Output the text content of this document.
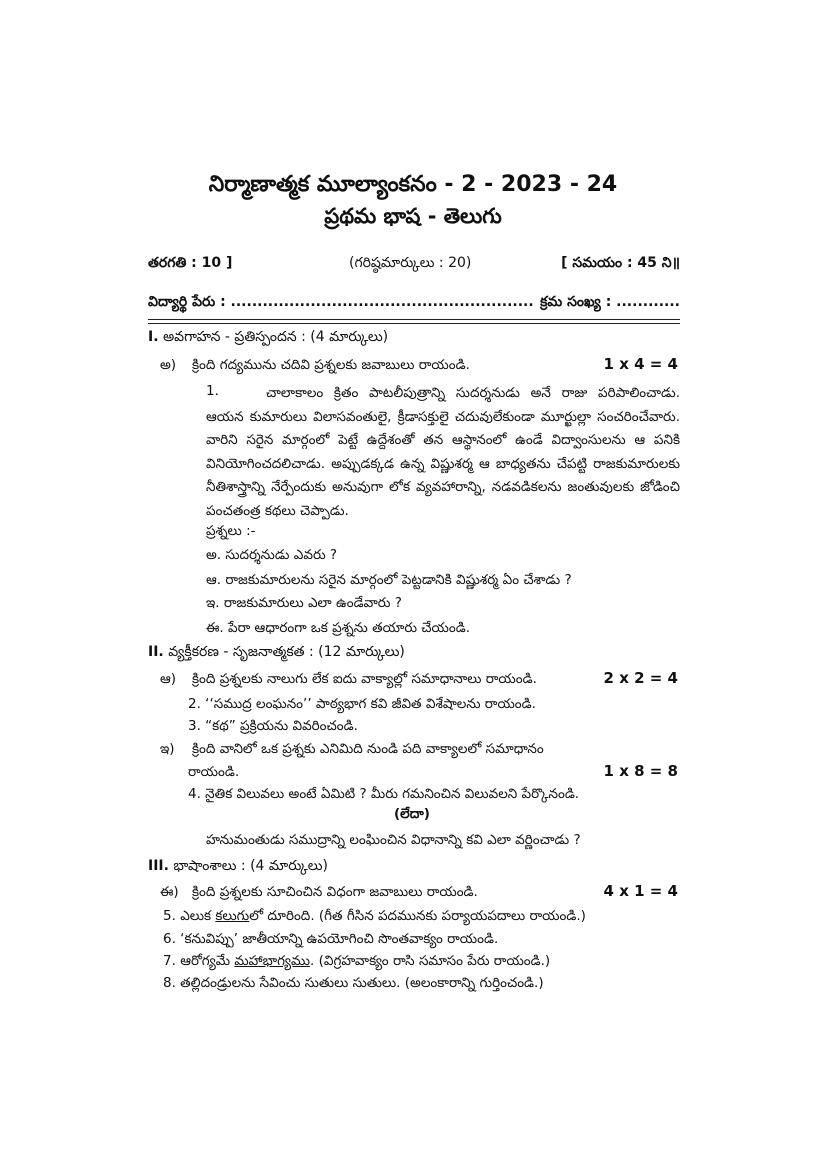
నిర్మాణాత్మక మూల్యాంకనం - 2 - 2023 - 24
ప్రథమ భాష - తెలుగు
తరగతి : 10 ]	(గరిష్ఠమార్కులు : 20)	[ సమయం : 45 ని॥
విద్యార్థి పేరు : ......................................................... క్రమ సంఖ్య : ............
I. అవగాహన - ప్రతిస్పందన : (4 మార్కులు)
అ) క్రింది గద్యమును చదివి ప్రశ్నలకు జవాబులు రాయండి.	1 x 4 = 4
1.	చాలాకాలం క్రితం పాటలీపుత్రాన్ని సుదర్శనుడు అనే రాజు పరిపాలించాడు. ఆయన కుమారులు విలాసవంతులై, క్రీడాసక్తులై చదువులేకుండా మూర్ఖుల్లా సంచరించేవారు. వారిని సరైన మార్గంలో పెట్టే ఉద్దేశంతో తన ఆస్థానంలో ఉండే విద్వాంసులను ఆ పనికి వినియోగించదలిచాడు. అప్పుడక్కడ ఉన్న విష్ణుశర్మ ఆ బాధ్యతను చేపట్టి రాజకుమారులకు నీతిశాస్త్రాన్ని నేర్పేందుకు అనువుగా లోక వ్యవహారాన్ని, నడవడికలను జంతువులకు జోడించి పంచతంత్ర కథలు చెప్పాడు.
ప్రశ్నలు :-
అ. సుదర్శనుడు ఎవరు ?
ఆ. రాజకుమారులను సరైన మార్గంలో పెట్టడానికి విష్ణుశర్మ ఏం చేశాడు ?
ఇ. రాజకుమారులు ఎలా ఉండేవారు ?
ఈ. పేరా ఆధారంగా ఒక ప్రశ్నను తయారు చేయండి.
II. వ్యక్తీకరణ - సృజనాత్మకత : (12 మార్కులు)
ఆ) క్రింది ప్రశ్నలకు నాలుగు లేక ఐదు వాక్యాల్లో సమాధానాలు రాయండి.	2 x 2 = 4
2. ‘‘సముద్ర లంఘనం’’ పాఠ్యభాగ కవి జీవిత విశేషాలను రాయండి.
3. “కథ” ప్రక్రియను వివరించండి.
ఇ) క్రింది వానిలో ఒక ప్రశ్నకు ఎనిమిది నుండి పది వాక్యాలలో సమాధానం
రాయండి.	1 x 8 = 8
4. నైతిక విలువలు అంటే ఏమిటి ? మీరు గమనించిన విలువలని పేర్కొనండి.
(లేదా)
హనుమంతుడు సముద్రాన్ని లంఘించిన విధానాన్ని కవి ఎలా వర్ణించాడు ?
III. భాషాంశాలు : (4 మార్కులు)
ఈ) క్రింది ప్రశ్నలకు సూచించిన విధంగా జవాబులు రాయండి.	4 x 1 = 4
5. ఎలుక కలుగులో దూరింది. (గీత గీసిన పదమునకు పర్యాయపదాలు రాయండి.)
6. ‘కనువిప్పు’ జాతీయాన్ని ఉపయోగించి సొంతవాక్యం రాయండి.
7. ఆరోగ్యమే మహాభాగ్యము. (విగ్రహవాక్యం రాసి సమాసం పేరు రాయండి.)
8. తల్లిదండ్రులను సేవించు సుతులు సుతులు. (అలంకారాన్ని గుర్తించండి.)
